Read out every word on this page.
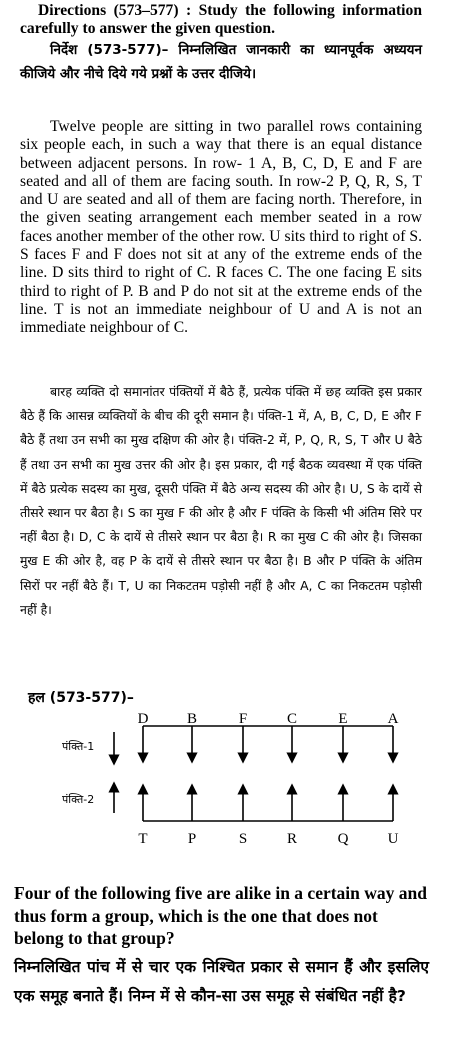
Directions (573–577) : Study the following information carefully to answer the given question.

निर्देश (573-577)– निम्नलिखित जानकारी का ध्यानपूर्वक अध्ययन कीजिये और नीचे दिये गये प्रश्नों के उत्तर दीजिये।

Twelve people are sitting in two parallel rows containing six people each, in such a way that there is an equal distance between adjacent persons. In row- 1 A, B, C, D, E and F are seated and all of them are facing south. In row-2 P, Q, R, S, T and U are seated and all of them are facing north. Therefore, in the given seating arrangement each member seated in a row faces another member of the other row. U sits third to right of S. S faces F and F does not sit at any of the extreme ends of the line. D sits third to right of C. R faces C. The one facing E sits third to right of P. B and P do not sit at the extreme ends of the line. T is not an immediate neighbour of U and A is not an immediate neighbour of C.

बारह व्यक्ति दो समानांतर पंक्तियों में बैठे हैं, प्रत्येक पंक्ति में छह व्यक्ति इस प्रकार बैठे हैं कि आसन्न व्यक्तियों के बीच की दूरी समान है। पंक्ति-1 में, A, B, C, D, E और F बैठे हैं तथा उन सभी का मुख दक्षिण की ओर है। पंक्ति-2 में, P, Q, R, S, T और U बैठे हैं तथा उन सभी का मुख उत्तर की ओर है। इस प्रकार, दी गई बैठक व्यवस्था में एक पंक्ति में बैठे प्रत्येक सदस्य का मुख, दूसरी पंक्ति में बैठे अन्य सदस्य की ओर है। U, S के दायें से तीसरे स्थान पर बैठा है। S का मुख F की ओर है और F पंक्ति के किसी भी अंतिम सिरे पर नहीं बैठा है। D, C के दायें से तीसरे स्थान पर बैठा है। R का मुख C की ओर है। जिसका मुख E की ओर है, वह P के दायें से तीसरे स्थान पर बैठा है। B और P पंक्ति के अंतिम सिरों पर नहीं बैठे हैं। T, U का निकटतम पड़ोसी नहीं है और A, C का निकटतम पड़ोसी नहीं है।

हल (573-577)–
पंक्ति-1
पंक्ति-2
D	B	F	C	E	A
T	P	S	R	Q	U

Four of the following five are alike in a certain way and thus form a group, which is the one that does not belong to that group?

निम्नलिखित पांच में से चार एक निश्चित प्रकार से समान हैं और इसलिए एक समूह बनाते हैं। निम्न में से कौन-सा उस समूह से संबंधित नहीं है?
